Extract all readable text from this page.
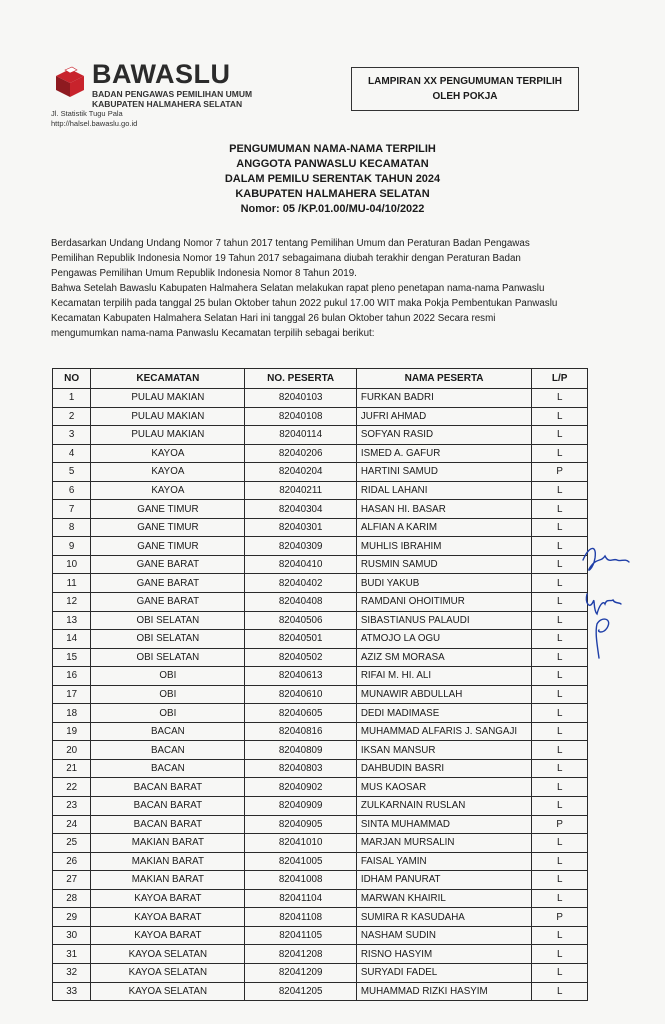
BAWASLU
BADAN PENGAWAS PEMILIHAN UMUM
KABUPATEN HALMAHERA SELATAN
Jl. Statistik Tugu Pala
http://halsel.bawaslu.go.id
LAMPIRAN XX PENGUMUMAN TERPILIH
OLEH POKJA
PENGUMUMAN NAMA-NAMA TERPILIH
ANGGOTA PANWASLU KECAMATAN
DALAM PEMILU SERENTAK TAHUN 2024
KABUPATEN HALMAHERA SELATAN
Nomor: 05 /KP.01.00/MU-04/10/2022
Berdasarkan Undang Undang Nomor 7 tahun 2017 tentang Pemilihan Umum dan Peraturan Badan Pengawas
Pemilihan Republik Indonesia Nomor 19 Tahun 2017 sebagaimana diubah terakhir dengan Peraturan Badan
Pengawas Pemilihan Umum Republik Indonesia Nomor 8 Tahun 2019.
Bahwa Setelah Bawaslu Kabupaten Halmahera Selatan melakukan rapat pleno penetapan nama-nama Panwaslu
Kecamatan terpilih pada tanggal 25 bulan Oktober tahun 2022 pukul 17.00 WIT maka Pokja Pembentukan Panwaslu
Kecamatan Kabupaten Halmahera Selatan Hari ini tanggal 26 bulan Oktober tahun 2022 Secara resmi
mengumumkan nama-nama Panwaslu Kecamatan terpilih sebagai berikut:
NO	KECAMATAN	NO. PESERTA	NAMA PESERTA	L/P
1	PULAU MAKIAN	82040103	FURKAN BADRI	L
2	PULAU MAKIAN	82040108	JUFRI AHMAD	L
3	PULAU MAKIAN	82040114	SOFYAN RASID	L
4	KAYOA	82040206	ISMED A. GAFUR	L
5	KAYOA	82040204	HARTINI SAMUD	P
6	KAYOA	82040211	RIDAL LAHANI	L
7	GANE TIMUR	82040304	HASAN HI. BASAR	L
8	GANE TIMUR	82040301	ALFIAN A KARIM	L
9	GANE TIMUR	82040309	MUHLIS IBRAHIM	L
10	GANE BARAT	82040410	RUSMIN SAMUD	L
11	GANE BARAT	82040402	BUDI YAKUB	L
12	GANE BARAT	82040408	RAMDANI OHOITIMUR	L
13	OBI SELATAN	82040506	SIBASTIANUS PALAUDI	L
14	OBI SELATAN	82040501	ATMOJO LA OGU	L
15	OBI SELATAN	82040502	AZIZ SM MORASA	L
16	OBI	82040613	RIFAI M. HI. ALI	L
17	OBI	82040610	MUNAWIR ABDULLAH	L
18	OBI	82040605	DEDI MADIMASE	L
19	BACAN	82040816	MUHAMMAD ALFARIS J. SANGAJI	L
20	BACAN	82040809	IKSAN MANSUR	L
21	BACAN	82040803	DAHBUDIN BASRI	L
22	BACAN BARAT	82040902	MUS KAOSAR	L
23	BACAN BARAT	82040909	ZULKARNAIN RUSLAN	L
24	BACAN BARAT	82040905	SINTA MUHAMMAD	P
25	MAKIAN BARAT	82041010	MARJAN MURSALIN	L
26	MAKIAN BARAT	82041005	FAISAL YAMIN	L
27	MAKIAN BARAT	82041008	IDHAM PANURAT	L
28	KAYOA BARAT	82041104	MARWAN KHAIRIL	L
29	KAYOA BARAT	82041108	SUMIRA R KASUDAHA	P
30	KAYOA BARAT	82041105	NASHAM SUDIN	L
31	KAYOA SELATAN	82041208	RISNO HASYIM	L
32	KAYOA SELATAN	82041209	SURYADI FADEL	L
33	KAYOA SELATAN	82041205	MUHAMMAD RIZKI HASYIM	L
